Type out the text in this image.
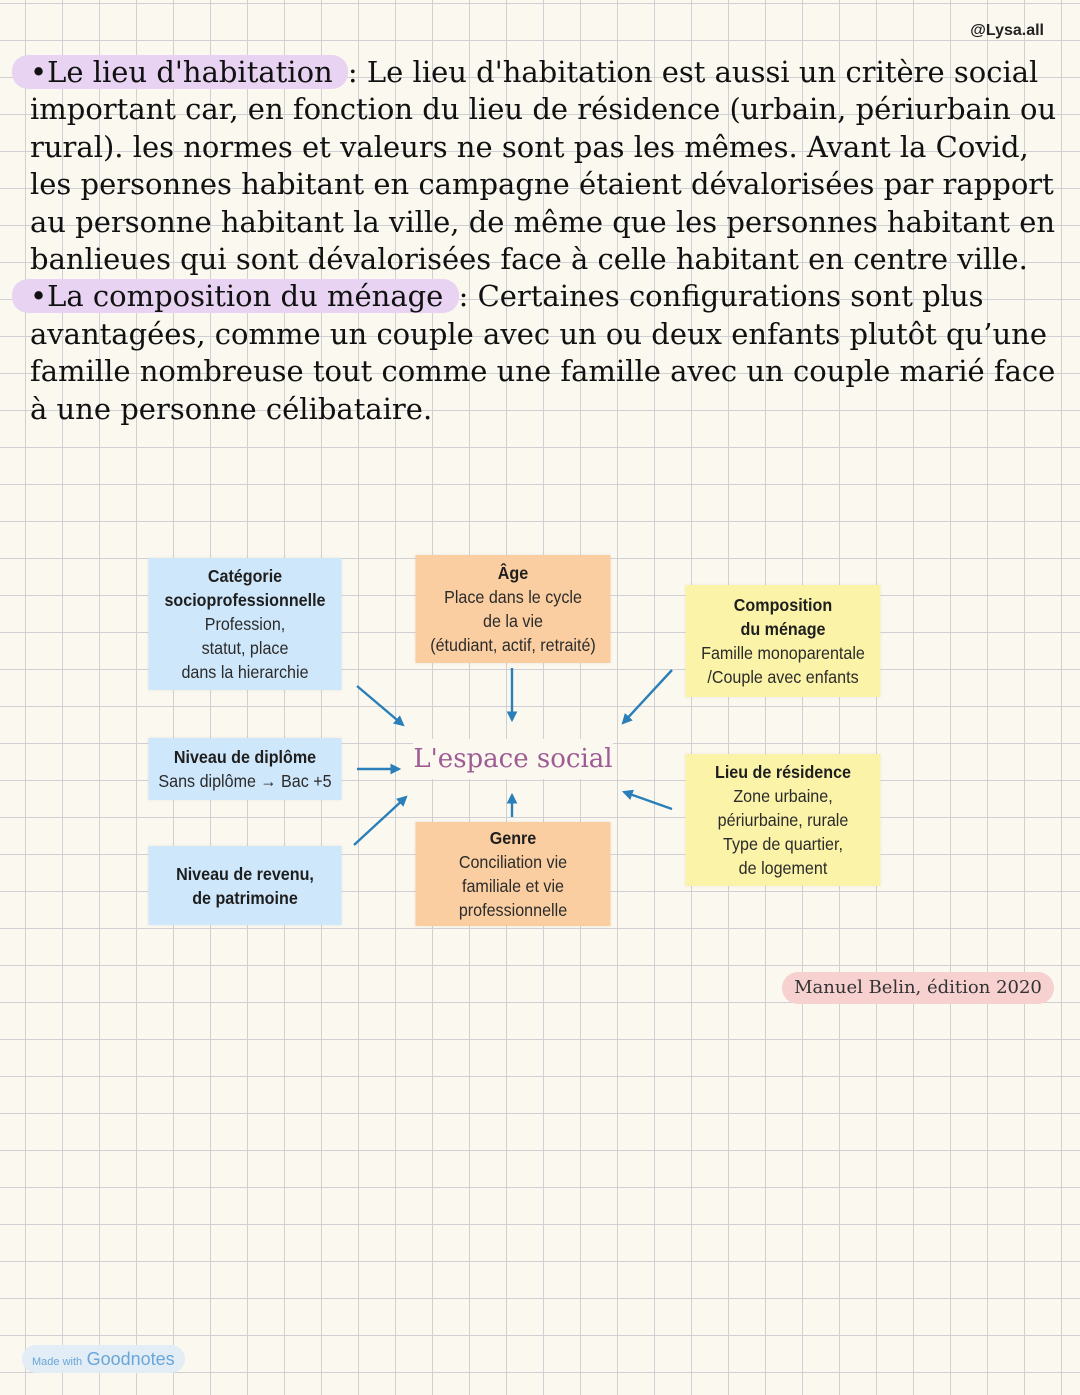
@Lysa.all

•Le lieu d'habitation : Le lieu d'habitation est aussi un critère social important car, en fonction du lieu de résidence (urbain, périurbain ou rural). les normes et valeurs ne sont pas les mêmes. Avant la Covid, les personnes habitant en campagne étaient dévalorisées par rapport au personne habitant la ville, de même que les personnes habitant en banlieues qui sont dévalorisées face à celle habitant en centre ville.

•La composition du ménage : Certaines configurations sont plus avantagées, comme un couple avec un ou deux enfants plutôt qu’une famille nombreuse tout comme une famille avec un couple marié face à une personne célibataire.

Catégorie
socioprofessionnelle
Profession,
statut, place
dans la hierarchie
Niveau de diplôme
Sans diplôme → Bac +5
Niveau de revenu,
de patrimoine
Âge
Place dans le cycle
de la vie
(étudiant, actif, retraité)
L'espace social
Genre
Conciliation vie
familiale et vie
professionnelle
Composition
du ménage
Famille monoparentale
/Couple avec enfants
Lieu de résidence
Zone urbaine,
périurbaine, rurale
Type de quartier,
de logement
Manuel Belin, édition 2020
Made with Goodnotes
